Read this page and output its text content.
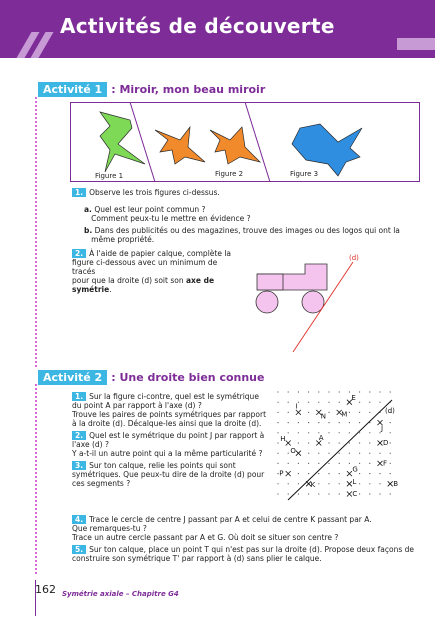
Activités de découverte
Activité 1 : Miroir, mon beau miroir
Figure 1	Figure 2	Figure 3
1. Observe les trois figures ci-dessus.
a. Quel est leur point commun ?
Comment peux-tu le mettre en évidence ?
b. Dans des publicités ou des magazines, trouve des images ou des logos qui ont la
même propriété.
2. À l'aide de papier calque, complète la
figure ci-dessous avec un minimum de tracés
pour que la droite (d) soit son axe de
symétrie.
(d)
Activité 2 : Une droite bien connue
1. Sur la figure ci-contre, quel est le symétrique
du point A par rapport à l'axe (d) ?
Trouve les paires de points symétriques par rapport
à la droite (d). Décalque-les ainsi que la droite (d).
2. Quel est le symétrique du point J par rapport à
l'axe (d) ?
Y a-t-il un autre point qui a la même particularité ?
3. Sur ton calque, relie les points qui sont
symétriques. Que peux-tu dire de la droite (d) pour
ces segments ?
I
E
N M
J
A
H	D
O
F
G
P
L	B
K
C
(d)
4. Trace le cercle de centre J passant par A et celui de centre K passant par A.
Que remarques-tu ?
Trace un autre cercle passant par A et G. Où doit se situer son centre ?
5. Sur ton calque, place un point T qui n'est pas sur la droite (d). Propose deux façons de
construire son symétrique T' par rapport à (d) sans plier le calque.
162 Symétrie axiale – Chapitre G4
